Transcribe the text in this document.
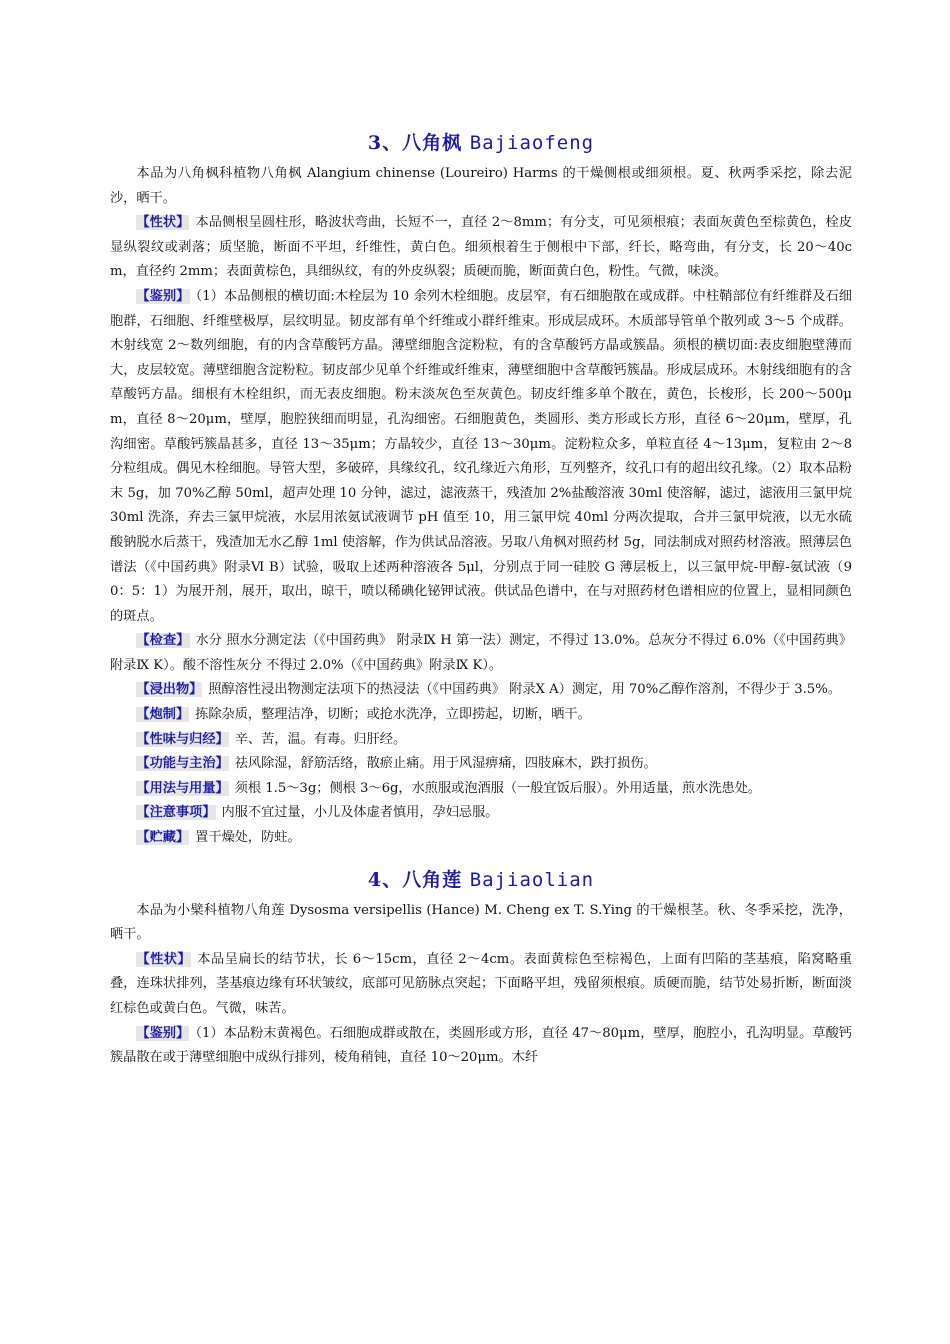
3、八角枫 Bajiaofeng

本品为八角枫科植物八角枫 Alangium chinense (Loureiro) Harms 的干燥侧根或细须根。夏、秋两季采挖，除去泥沙，晒干。

【性状】 本品侧根呈圆柱形，略波状弯曲，长短不一，直径 2～8mm；有分支，可见须根痕；表面灰黄色至棕黄色，栓皮显纵裂纹或剥落；质坚脆，断面不平坦，纤维性，黄白色。细须根着生于侧根中下部，纤长，略弯曲，有分支，长 20～40cm，直径约 2mm；表面黄棕色，具细纵纹，有的外皮纵裂；质硬而脆，断面黄白色，粉性。气微，味淡。

【鉴别】 （1）本品侧根的横切面:木栓层为 10 余列木栓细胞。皮层窄，有石细胞散在或成群。中柱鞘部位有纤维群及石细胞群，石细胞、纤维壁极厚，层纹明显。韧皮部有单个纤维或小群纤维束。形成层成环。木质部导管单个散列或 3～5 个成群。木射线宽 2～数列细胞，有的内含草酸钙方晶。薄壁细胞含淀粉粒，有的含草酸钙方晶或簇晶。须根的横切面:表皮细胞壁薄而大，皮层较宽。薄壁细胞含淀粉粒。韧皮部少见单个纤维或纤维束，薄壁细胞中含草酸钙簇晶。形成层成环。木射线细胞有的含草酸钙方晶。细根有木栓组织，而无表皮细胞。粉末淡灰色至灰黄色。韧皮纤维多单个散在，黄色，长梭形，长 200～500μm，直径 8～20μm，壁厚，胞腔狭细而明显，孔沟细密。石细胞黄色，类圆形、类方形或长方形，直径 6～20μm，壁厚，孔沟细密。草酸钙簇晶甚多，直径 13～35μm；方晶较少，直径 13～30μm。淀粉粒众多，单粒直径 4～13μm，复粒由 2～8 分粒组成。偶见木栓细胞。导管大型，多破碎，具缘纹孔，纹孔缘近六角形，互列整齐，纹孔口有的超出纹孔缘。（2）取本品粉末 5g，加 70%乙醇 50ml，超声处理 10 分钟，滤过，滤液蒸干，残渣加 2%盐酸溶液 30ml 使溶解，滤过，滤液用三氯甲烷 30ml 洗涤，弃去三氯甲烷液，水层用浓氨试液调节 pH 值至 10，用三氯甲烷 40ml 分两次提取，合并三氯甲烷液，以无水硫酸钠脱水后蒸干，残渣加无水乙醇 1ml 使溶解，作为供试品溶液。另取八角枫对照药材 5g，同法制成对照药材溶液。照薄层色谱法（《中国药典》附录Ⅵ B）试验，吸取上述两种溶液各 5μl，分别点于同一硅胶 G 薄层板上，以三氯甲烷-甲醇-氨试液（90：5：1）为展开剂，展开，取出，晾干，喷以稀碘化铋钾试液。供试品色谱中，在与对照药材色谱相应的位置上，显相同颜色的斑点。

【检查】 水分 照水分测定法（《中国药典》 附录Ⅸ H 第一法）测定，不得过 13.0%。总灰分不得过 6.0%（《中国药典》附录Ⅸ K）。酸不溶性灰分 不得过 2.0%（《中国药典》附录Ⅸ K）。

【浸出物】 照醇溶性浸出物测定法项下的热浸法（《中国药典》 附录Ⅹ A）测定，用 70%乙醇作溶剂，不得少于 3.5%。

【炮制】 拣除杂质，整理洁净，切断；或抢水洗净，立即捞起，切断，晒干。

【性味与归经】 辛、苦，温。有毒。归肝经。

【功能与主治】 祛风除湿，舒筋活络，散瘀止痛。用于风湿痹痛，四肢麻木，跌打损伤。

【用法与用量】 须根 1.5～3g；侧根 3～6g，水煎服或泡酒服（一般宜饭后服）。外用适量，煎水洗患处。

【注意事项】 内服不宜过量，小儿及体虚者慎用，孕妇忌服。

【贮藏】 置干燥处，防蛀。

4、八角莲 Bajiaolian

本品为小檗科植物八角莲 Dysosma versipellis (Hance) M. Cheng ex T. S.Ying 的干燥根茎。秋、冬季采挖，洗净，晒干。

【性状】 本品呈扁长的结节状，长 6～15cm，直径 2～4cm。表面黄棕色至棕褐色，上面有凹陷的茎基痕，陷窝略重叠，连珠状排列，茎基痕边缘有环状皱纹，底部可见筋脉点突起；下面略平坦，残留须根痕。质硬而脆，结节处易折断，断面淡红棕色或黄白色。气微，味苦。

【鉴别】 （1）本品粉末黄褐色。石细胞成群或散在，类圆形或方形，直径 47～80μm，壁厚，胞腔小，孔沟明显。草酸钙簇晶散在或于薄壁细胞中成纵行排列，棱角稍钝，直径 10～20μm。木纤
